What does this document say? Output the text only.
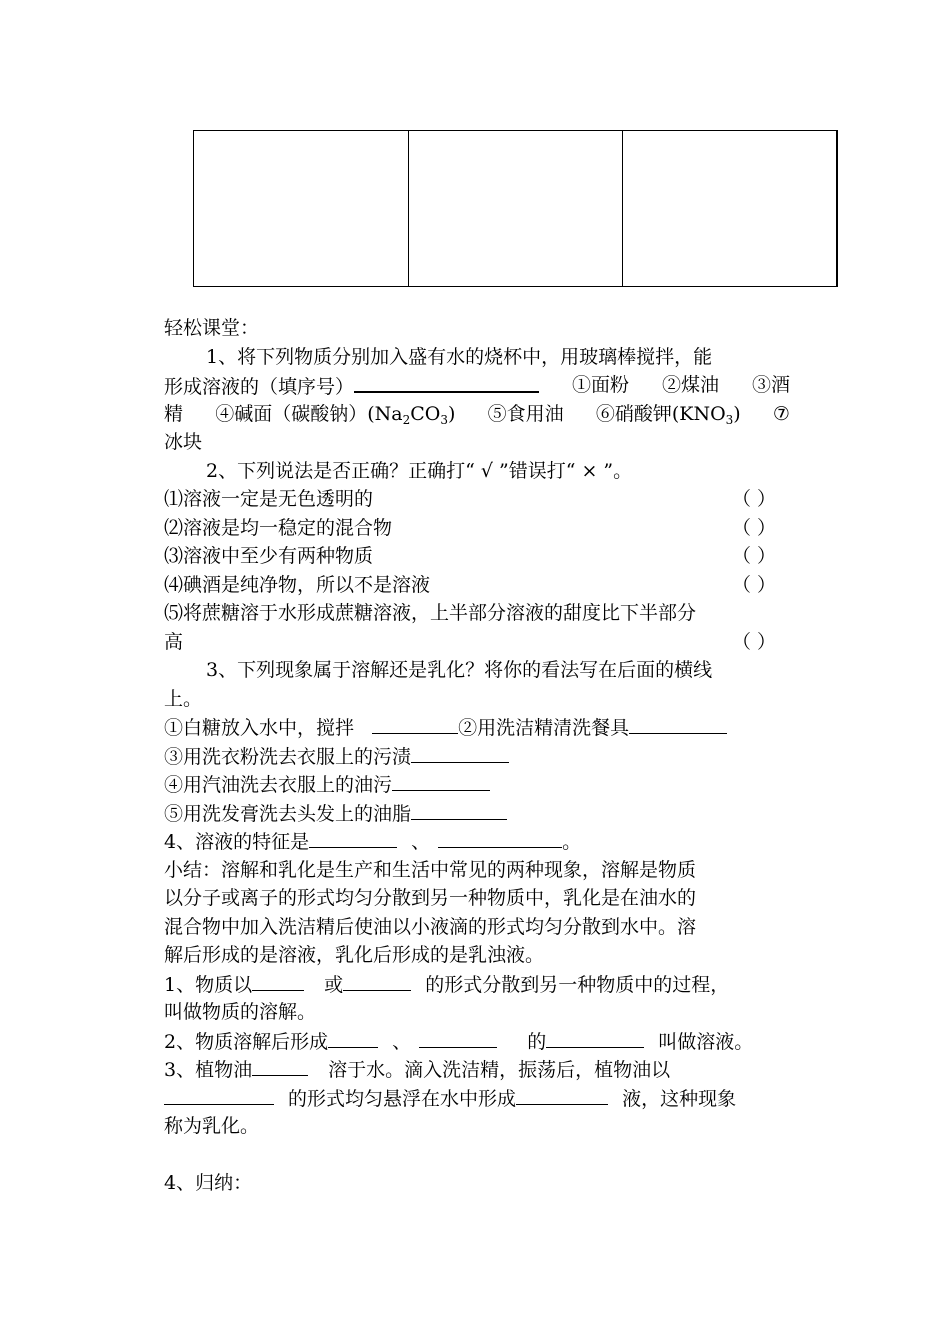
轻松课堂：
1、将下列物质分别加入盛有水的烧杯中，用玻璃棒搅拌，能
形成溶液的（填序号）	①面粉 ②煤油 ③酒
精 ④碱面（碳酸钠）$(Na_2CO_3)$ ⑤食用油 ⑥硝酸钾$(KNO_3)$ ⑦
冰块
2、下列说法是否正确？正确打“ √ ”错误打“ × ”。
⑴溶液一定是无色透明的	（ ）
⑵溶液是均一稳定的混合物	（ ）
⑶溶液中至少有两种物质	（ ）
⑷碘酒是纯净物，所以不是溶液	（ ）
⑸将蔗糖溶于水形成蔗糖溶液，上半部分溶液的甜度比下半部分
高	（ ）
3、下列现象属于溶解还是乳化？将你的看法写在后面的横线
上。
①白糖放入水中，搅拌	②用洗洁精清洗餐具
③用洗衣粉洗去衣服上的污渍
④用汽油洗去衣服上的油污
⑤用洗发膏洗去头发上的油脂
4、溶液的特征是	、	。
小结：溶解和乳化是生产和生活中常见的两种现象，溶解是物质
以分子或离子的形式均匀分散到另一种物质中，乳化是在油水的
混合物中加入洗洁精后使油以小液滴的形式均匀分散到水中。溶
解后形成的是溶液，乳化后形成的是乳浊液。
1、物质以	或	的形式分散到另一种物质中的过程，
叫做物质的溶解。
2、物质溶解后形成	、	的	叫做溶液。
3、植物油	溶于水。滴入洗洁精，振荡后，植物油以
的形式均匀悬浮在水中形成	液，这种现象
称为乳化。
4、归纳：
